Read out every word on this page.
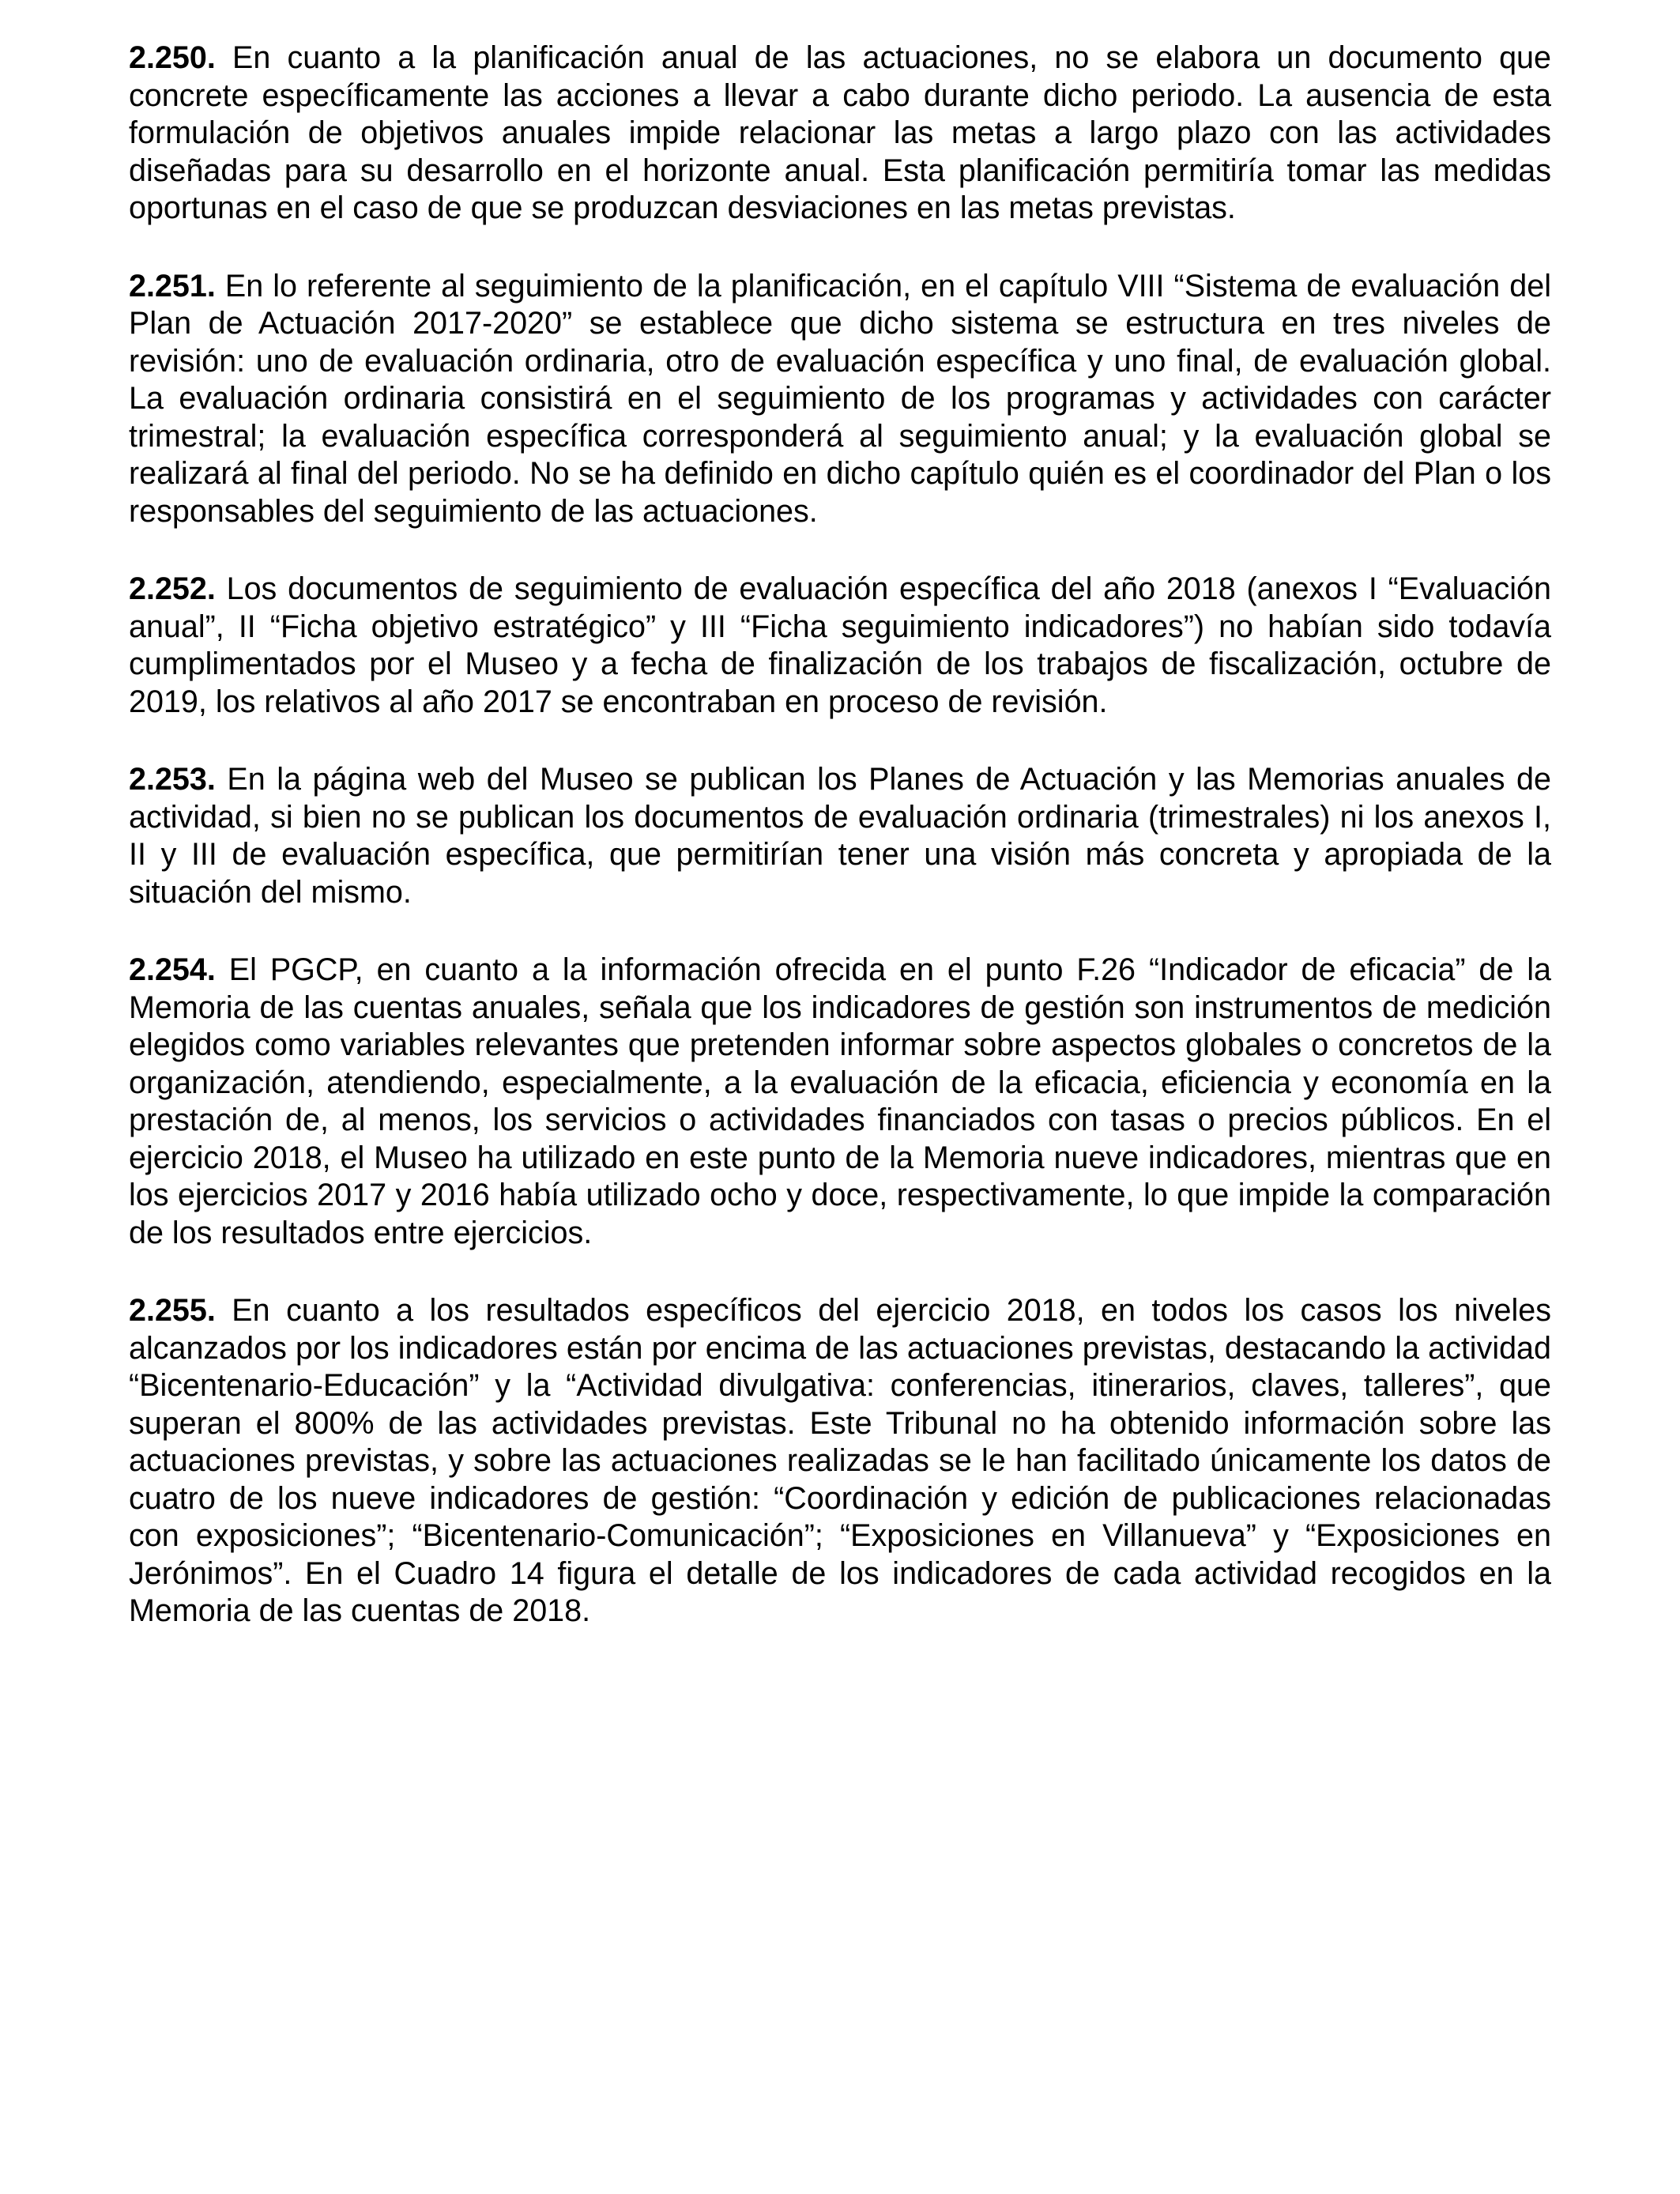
2.250. En cuanto a la planificación anual de las actuaciones, no se elabora un documento que concrete específicamente las acciones a llevar a cabo durante dicho periodo. La ausencia de esta formulación de objetivos anuales impide relacionar las metas a largo plazo con las actividades diseñadas para su desarrollo en el horizonte anual. Esta planificación permitiría tomar las medidas oportunas en el caso de que se produzcan desviaciones en las metas previstas.

2.251. En lo referente al seguimiento de la planificación, en el capítulo VIII “Sistema de evaluación del Plan de Actuación 2017-2020” se establece que dicho sistema se estructura en tres niveles de revisión: uno de evaluación ordinaria, otro de evaluación específica y uno final, de evaluación global. La evaluación ordinaria consistirá en el seguimiento de los programas y actividades con carácter trimestral; la evaluación específica corresponderá al seguimiento anual; y la evaluación global se realizará al final del periodo. No se ha definido en dicho capítulo quién es el coordinador del Plan o los responsables del seguimiento de las actuaciones.

2.252. Los documentos de seguimiento de evaluación específica del año 2018 (anexos I “Evaluación anual”, II “Ficha objetivo estratégico” y III “Ficha seguimiento indicadores”) no habían sido todavía cumplimentados por el Museo y a fecha de finalización de los trabajos de fiscalización, octubre de 2019, los relativos al año 2017 se encontraban en proceso de revisión.

2.253. En la página web del Museo se publican los Planes de Actuación y las Memorias anuales de actividad, si bien no se publican los documentos de evaluación ordinaria (trimestrales) ni los anexos I, II y III de evaluación específica, que permitirían tener una visión más concreta y apropiada de la situación del mismo.

2.254. El PGCP, en cuanto a la información ofrecida en el punto F.26 “Indicador de eficacia” de la Memoria de las cuentas anuales, señala que los indicadores de gestión son instrumentos de medición elegidos como variables relevantes que pretenden informar sobre aspectos globales o concretos de la organización, atendiendo, especialmente, a la evaluación de la eficacia, eficiencia y economía en la prestación de, al menos, los servicios o actividades financiados con tasas o precios públicos. En el ejercicio 2018, el Museo ha utilizado en este punto de la Memoria nueve indicadores, mientras que en los ejercicios 2017 y 2016 había utilizado ocho y doce, respectivamente, lo que impide la comparación de los resultados entre ejercicios.

2.255. En cuanto a los resultados específicos del ejercicio 2018, en todos los casos los niveles alcanzados por los indicadores están por encima de las actuaciones previstas, destacando la actividad “Bicentenario-Educación” y la “Actividad divulgativa: conferencias, itinerarios, claves, talleres”, que superan el 800% de las actividades previstas. Este Tribunal no ha obtenido información sobre las actuaciones previstas, y sobre las actuaciones realizadas se le han facilitado únicamente los datos de cuatro de los nueve indicadores de gestión: “Coordinación y edición de publicaciones relacionadas con exposiciones”; “Bicentenario-Comunicación”; “Exposiciones en Villanueva” y “Exposiciones en Jerónimos”. En el Cuadro 14 figura el detalle de los indicadores de cada actividad recogidos en la Memoria de las cuentas de 2018.
